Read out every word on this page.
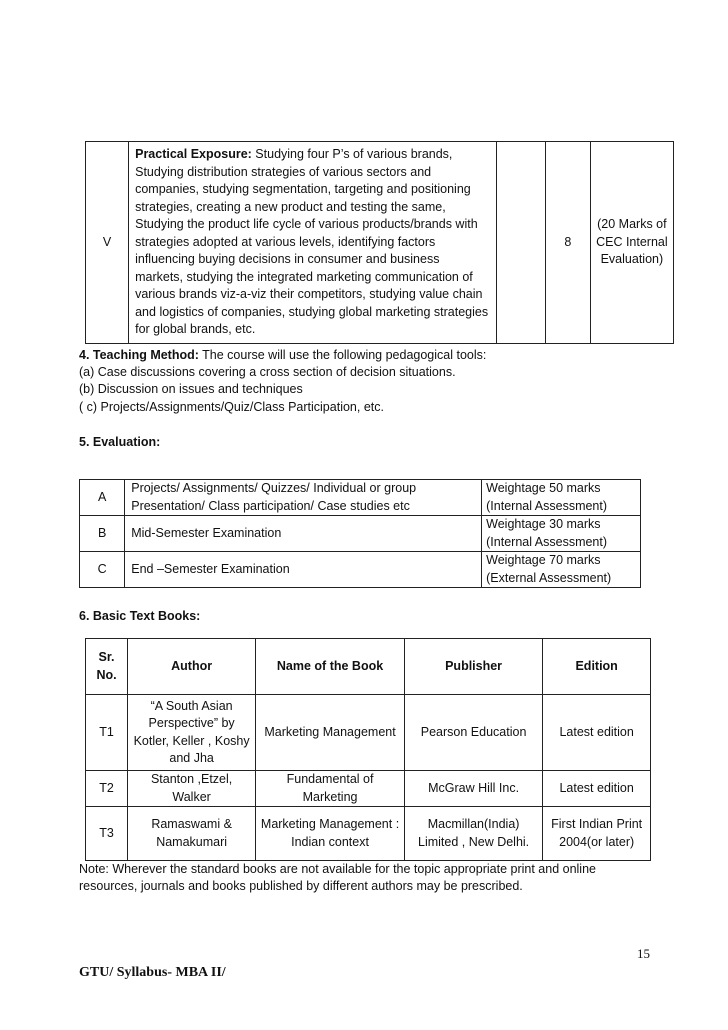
V	Practical Exposure: Studying four P’s of various brands, Studying distribution strategies of various sectors and companies, studying segmentation, targeting and positioning strategies, creating a new product and testing the same, Studying the product life cycle of various products/brands with strategies adopted at various levels, identifying factors influencing buying decisions in consumer and business markets, studying the integrated marketing communication of various brands viz-a-viz their competitors, studying value chain and logistics of companies, studying global marketing strategies for global brands, etc.		8	(20 Marks of CEC Internal Evaluation)
4. Teaching Method: The course will use the following pedagogical tools:
(a) Case discussions covering a cross section of decision situations.
(b) Discussion on issues and techniques
( c) Projects/Assignments/Quiz/Class Participation, etc.
5. Evaluation:
A	Projects/ Assignments/ Quizzes/ Individual or group Presentation/ Class participation/ Case studies etc	Weightage 50 marks
(Internal Assessment)

B	Mid-Semester Examination	Weightage 30 marks
(Internal Assessment)

C	End –Semester Examination	Weightage 70 marks
(External Assessment)
6. Basic Text Books:
Sr. No.	Author	Name of the Book	Publisher	Edition
T1	“A South Asian Perspective” by Kotler, Keller , Koshy and Jha	Marketing Management	Pearson Education	Latest edition
T2	Stanton ,Etzel, Walker	Fundamental of Marketing	McGraw Hill Inc.	Latest edition
T3	Ramaswami & Namakumari	Marketing Management : Indian context	Macmillan(India) Limited , New Delhi.	First Indian Print 2004(or later)
Note: Wherever the standard books are not available for the topic appropriate print and online resources, journals and books published by different authors may be prescribed.
15
GTU/ Syllabus- MBA II/
